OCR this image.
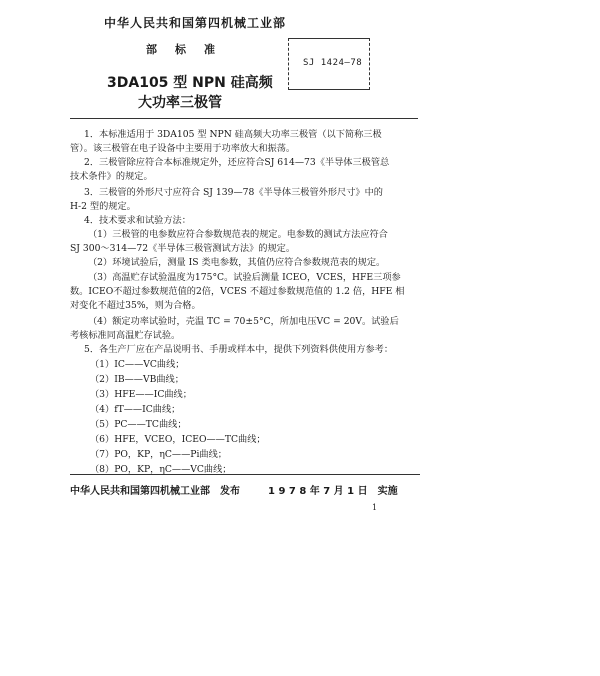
中华人民共和国第四机械工业部
部 标 准
SJ 1424—78
3DA105 型 NPN 硅高频
大功率三极管
1．本标准适用于 3DA105 型 NPN 硅高频大功率三极管（以下简称三极
管）。该三极管在电子设备中主要用于功率放大和振荡。
2．三极管除应符合本标准规定外，还应符合SJ 614—73《半导体三极管总
技术条件》的规定。
3．三极管的外形尺寸应符合 SJ 139—78《半导体三极管外形尺寸》中的
H-2 型的规定。
4．技术要求和试验方法：
（1）三极管的电参数应符合参数规范表的规定。电参数的测试方法应符合
SJ 300～314—72《半导体三极管测试方法》的规定。
（2）环境试验后，测量 IS 类电参数，其值仍应符合参数规范表的规定。
（3）高温贮存试验温度为175°C。试验后测量 ICEO，VCES，HFE三项参
数。ICEO不超过参数规范值的2倍，VCES 不超过参数规范值的 1.2 倍，HFE 相
对变化不超过35%，则为合格。
（4）额定功率试验时，壳温 TC = 70±5°C，所加电压VC = 20V。试验后
考核标准同高温贮存试验。
5．各生产厂应在产品说明书、手册或样本中，提供下列资料供使用方参考：
（1）IC——VC曲线；
（2）IB——VB曲线；
（3）HFE——IC曲线；
（4）fT——IC曲线；
（5）PC——TC曲线；
（6）HFE，VCEO，ICEO——TC曲线；
（7）PO，KP，ηC——Pi曲线；
（8）PO，KP，ηC——VC曲线；
中华人民共和国第四机械工业部　发布	1 9 7 8 年 7 月 1 日　实施
1
